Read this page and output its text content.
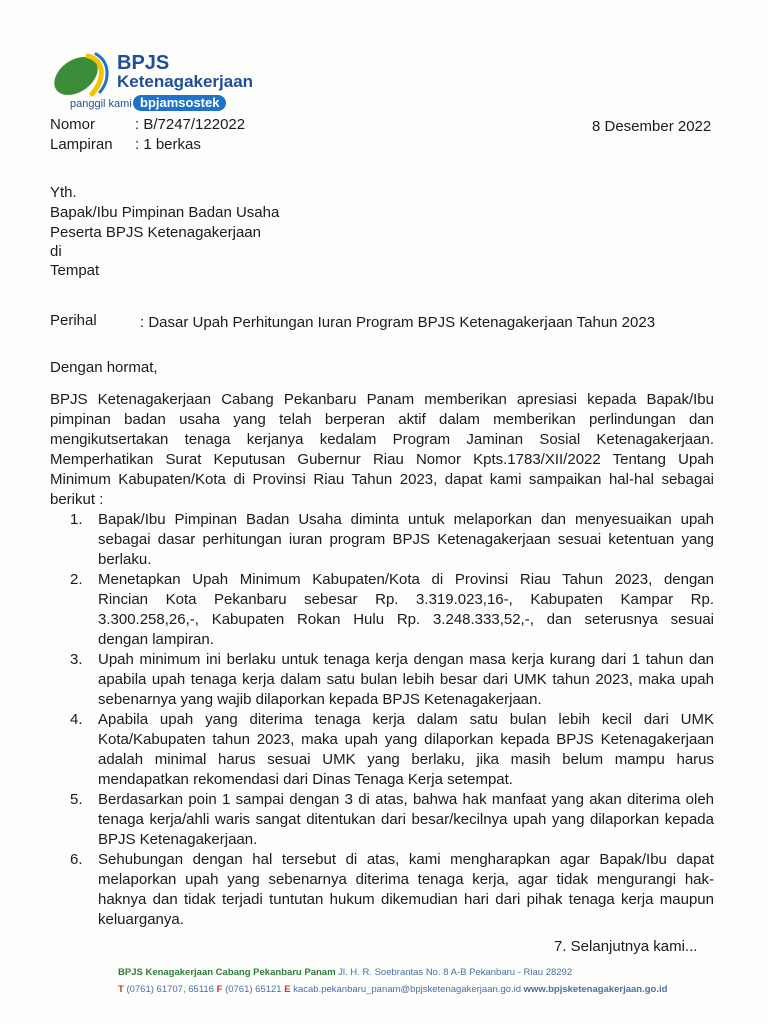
BPJS
Ketenagakerjaan
panggil kami bpjamsostek
Nomor	: B/7247/122022
Lampiran : 1 berkas
8 Desember 2022
Yth.
Bapak/Ibu Pimpinan Badan Usaha
Peserta BPJS Ketenagakerjaan
di
Tempat
Perihal	: Dasar Upah Perhitungan Iuran Program BPJS Ketenagakerjaan Tahun 2023
Dengan hormat,
BPJS Ketenagakerjaan Cabang Pekanbaru Panam memberikan apresiasi kepada Bapak/Ibu
pimpinan badan usaha yang telah berperan aktif dalam memberikan perlindungan dan
mengikutsertakan tenaga kerjanya kedalam Program Jaminan Sosial Ketenagakerjaan.
Memperhatikan Surat Keputusan Gubernur Riau Nomor Kpts.1783/XII/2022 Tentang Upah
Minimum Kabupaten/Kota di Provinsi Riau Tahun 2023, dapat kami sampaikan hal-hal sebagai
berikut :
1. Bapak/Ibu Pimpinan Badan Usaha diminta untuk melaporkan dan menyesuaikan upah
sebagai dasar perhitungan iuran program BPJS Ketenagakerjaan sesuai ketentuan yang
berlaku.
2. Menetapkan Upah Minimum Kabupaten/Kota di Provinsi Riau Tahun 2023, dengan
Rincian Kota Pekanbaru sebesar Rp. 3.319.023,16-, Kabupaten Kampar Rp.
3.300.258,26,-, Kabupaten Rokan Hulu Rp. 3.248.333,52,-, dan seterusnya sesuai
dengan lampiran.
3. Upah minimum ini berlaku untuk tenaga kerja dengan masa kerja kurang dari 1 tahun dan
apabila upah tenaga kerja dalam satu bulan lebih besar dari UMK tahun 2023, maka upah
sebenarnya yang wajib dilaporkan kepada BPJS Ketenagakerjaan.
4. Apabila upah yang diterima tenaga kerja dalam satu bulan lebih kecil dari UMK
Kota/Kabupaten tahun 2023, maka upah yang dilaporkan kepada BPJS Ketenagakerjaan
adalah minimal harus sesuai UMK yang berlaku, jika masih belum mampu harus
mendapatkan rekomendasi dari Dinas Tenaga Kerja setempat.
5. Berdasarkan poin 1 sampai dengan 3 di atas, bahwa hak manfaat yang akan diterima oleh
tenaga kerja/ahli waris sangat ditentukan dari besar/kecilnya upah yang dilaporkan kepada
BPJS Ketenagakerjaan.
6. Sehubungan dengan hal tersebut di atas, kami mengharapkan agar Bapak/Ibu dapat
melaporkan upah yang sebenarnya diterima tenaga kerja, agar tidak mengurangi hak-
haknya dan tidak terjadi tuntutan hukum dikemudian hari dari pihak tenaga kerja maupun
keluarganya.
7. Selanjutnya kami...
BPJS Kenagakerjaan Cabang Pekanbaru Panam Jl. H. R. Soebrantas No. 8 A-B Pekanbaru - Riau 28292
T (0761) 61707, 65116 F (0761) 65121 E kacab.pekanbaru_panam@bpjsketenagakerjaan.go.id www.bpjsketenagakerjaan.go.id
